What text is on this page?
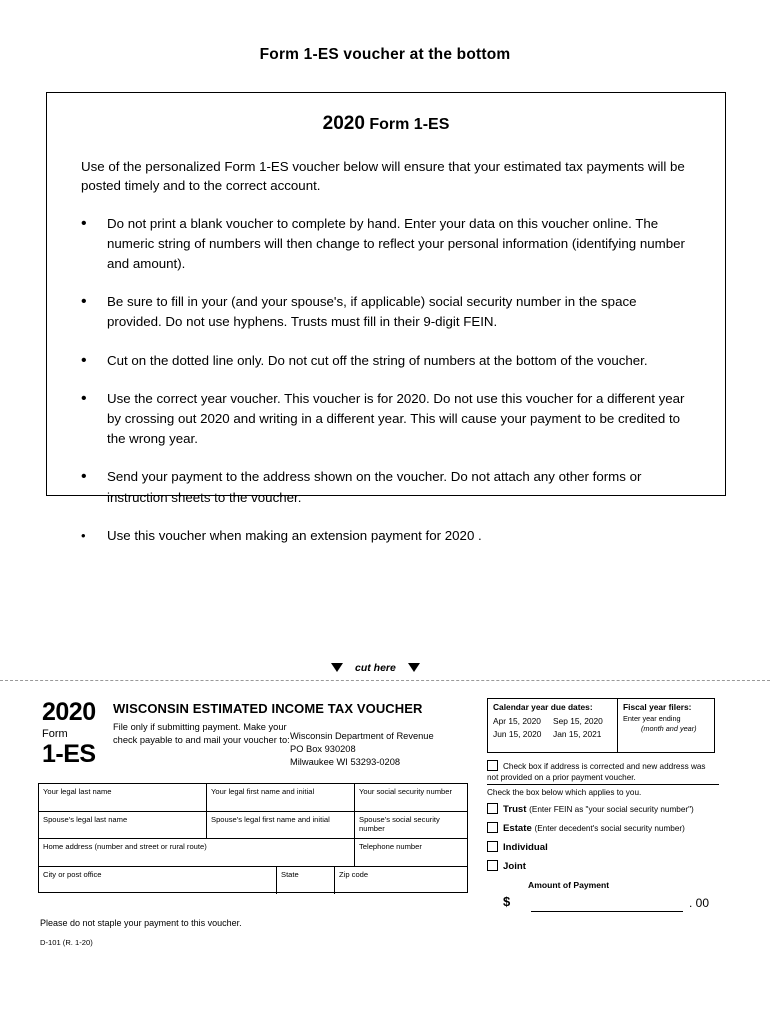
Form 1-ES voucher at the bottom
2020 Form 1-ES
Use of the personalized Form 1-ES voucher below will ensure that your estimated tax payments will be posted timely and to the correct account.
•	Do not print a blank voucher to complete by hand. Enter your data on this voucher online. The numeric string of numbers will then change to reflect your personal information (identifying number and amount).
•	Be sure to fill in your (and your spouse's, if applicable) social security number in the space provided. Do not use hyphens. Trusts must fill in their 9-digit FEIN.
•	Cut on the dotted line only. Do not cut off the string of numbers at the bottom of the voucher.
•	Use the correct year voucher. This voucher is for 2020. Do not use this voucher for a different year by crossing out 2020 and writing in a different year. This will cause your payment to be credited to the wrong year.
•	Send your payment to the address shown on the voucher. Do not attach any other forms or instruction sheets to the voucher.
•	Use this voucher when making an extension payment for 2020 .
cut here
2020
Form
1-ES
WISCONSIN ESTIMATED INCOME TAX VOUCHER
File only if submitting payment. Make your check payable to and mail your voucher to: Wisconsin Department of Revenue
PO Box 930208
Milwaukee WI 53293-0208
Your legal last name	Your legal first name and initial	Your social security number
Spouse's legal last name	Spouse's legal first name and initial	Spouse's social security number
Home address (number and street or rural route)	Telephone number
City or post office	State	Zip code
Calendar year due dates:
Apr 15, 2020 Sep 15, 2020
Jun 15, 2020 Jan 15, 2021
Fiscal year filers:
Enter year ending
(month and year)
Check box if address is corrected and new address was not provided on a prior payment voucher.
Check the box below which applies to you.
Trust (Enter FEIN as "your social security number")
Estate (Enter decedent's social security number)
Individual
Joint
Amount of Payment
$	. 00
Please do not staple your payment to this voucher.
D-101 (R. 1-20)
